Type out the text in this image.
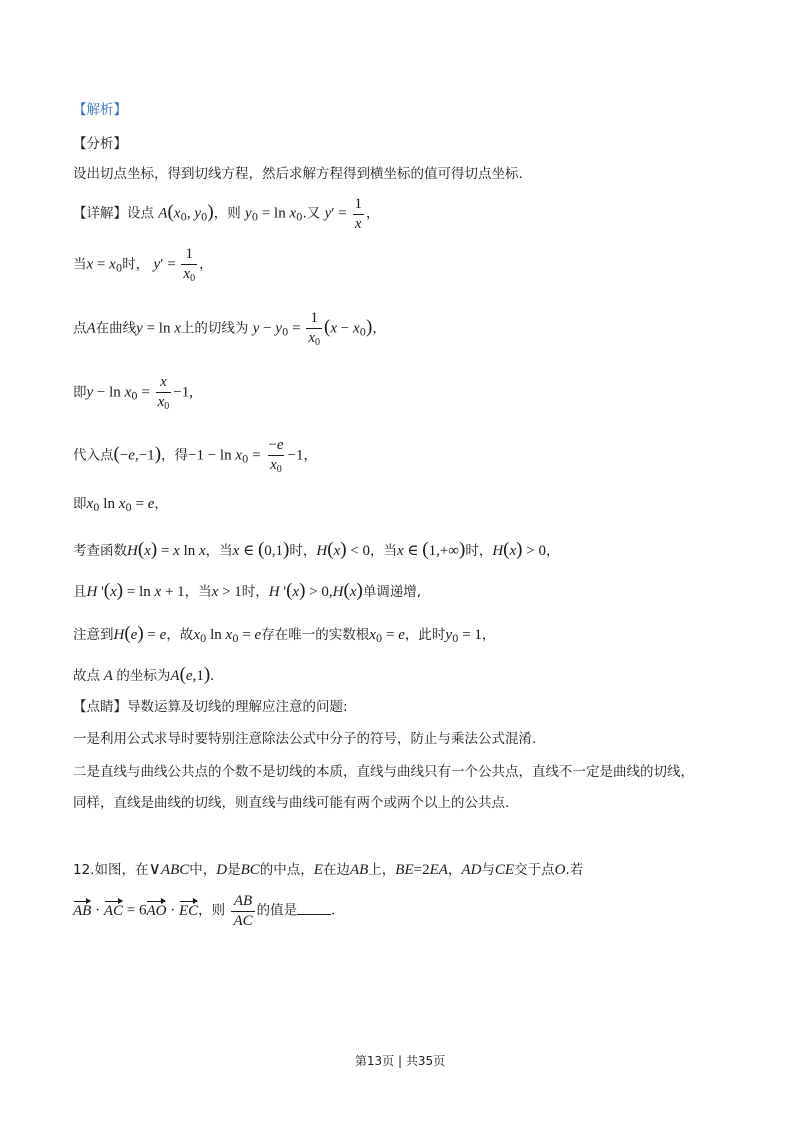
【解析】
【分析】
设出切点坐标，得到切线方程，然后求解方程得到横坐标的值可得切点坐标.
【详解】设点 $A(x_0$, $y_0$)，则 $y_0 = \ln x_0$.又 $y' = \frac{1}{x}$ ，
当$x = x_0$时， $y' = \frac{1}{x_0}$ ，
点A在曲线y = ln x上的切线为 $y - y_0 = \frac{1}{x_0} (x - x_0)$，
即$y - \ln x_0 = \frac{x}{x_0} -1$,
代入点(−e,−1)，得$-1 - \ln x_0 = \frac{-e}{x_0} -1$，
即$x_0$ $\ln x_0 = e$，
考查函数H(x) = x ln x，当x ∈ (0,1)时，H(x) < 0，当x ∈ (1,+∞)时，H(x) > 0，
且H '(x) = ln x + 1，当x > 1时，H '(x) > 0,H(x)单调递增,
注意到H(e) = e，故$x_0$ $\ln x_0 = e$存在唯一的实数根$x_0 = e$，此时$y_0 = 1$，
故点 A 的坐标为A(e,1).
【点睛】导数运算及切线的理解应注意的问题:
一是利用公式求导时要特别注意除法公式中分子的符号，防止与乘法公式混淆.
二是直线与曲线公共点的个数不是切线的本质，直线与曲线只有一个公共点，直线不一定是曲线的切线，
同样，直线是曲线的切线，则直线与曲线可能有两个或两个以上的公共点.
12.如图，在∨ABC中，D是BC的中点，E在边AB上，BE=2EA，AD与CE交于点O.若
AB · AC = 6AO · EC，则 $\frac{AB}{AC}$ 的值是 .
第13页 | 共35页
